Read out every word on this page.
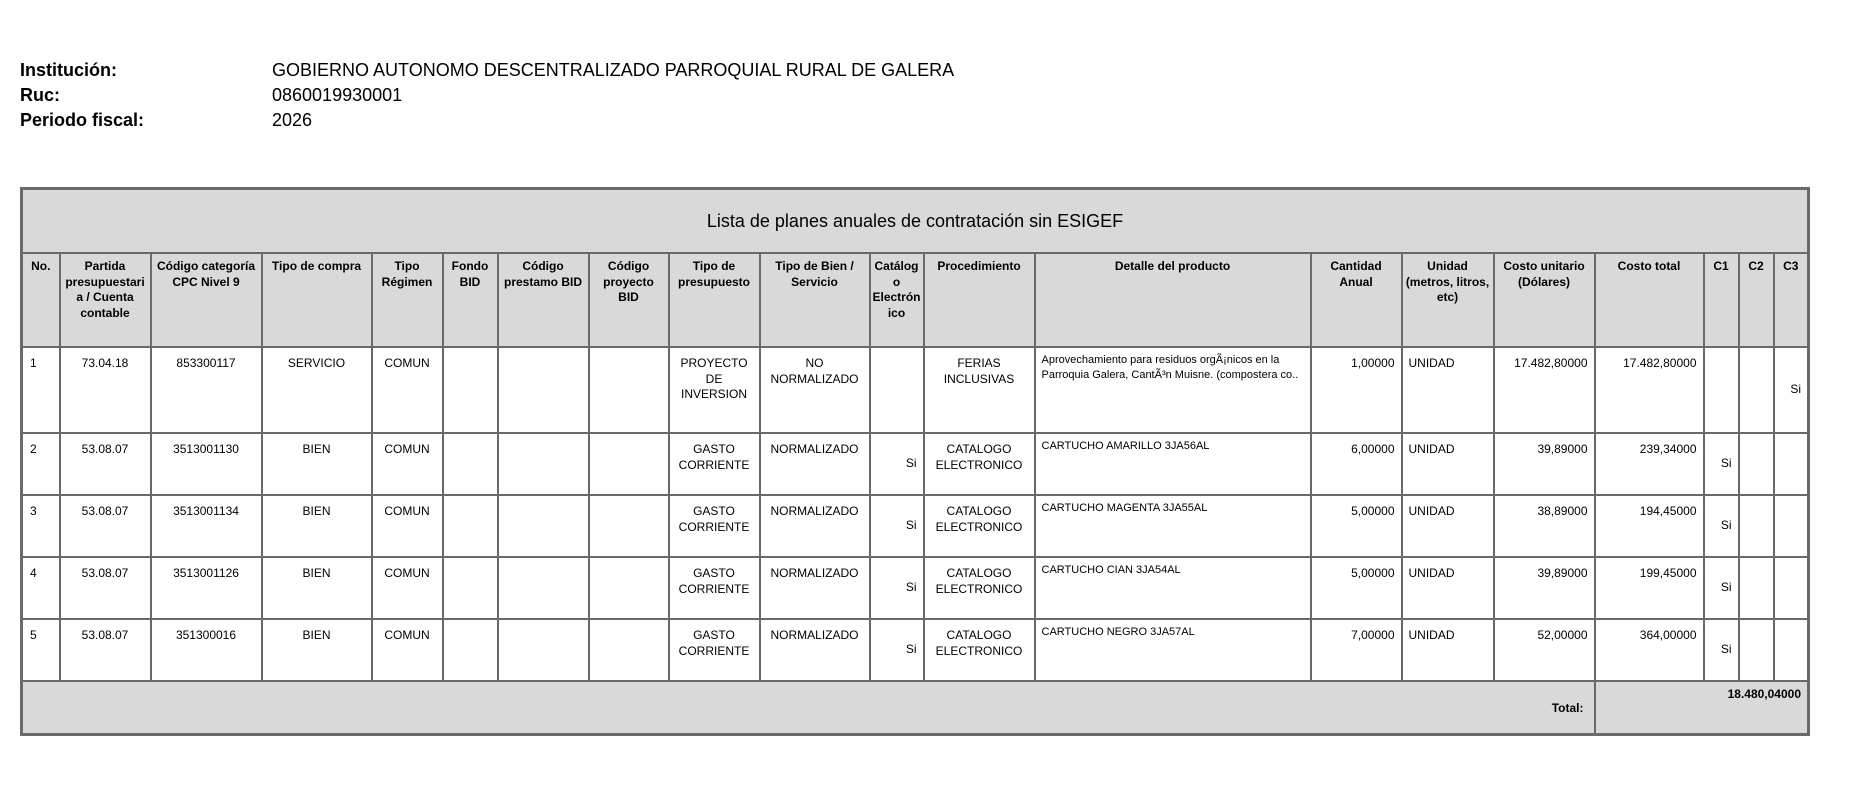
Institución:	GOBIERNO AUTONOMO DESCENTRALIZADO PARROQUIAL RURAL DE GALERA
Ruc:	0860019930001
Periodo fiscal:	2026
Lista de planes anuales de contratación sin ESIGEF																			
No.	Partida presupuestaria / Cuenta contable	Código categoría CPC Nivel 9	Tipo de compra	Tipo Régimen	Fondo BID	Código prestamo BID	Código proyecto BID	Tipo de presupuesto	Tipo de Bien / Servicio	Catálogo Electrónico	Procedimiento	Detalle del producto	Cantidad Anual	Unidad (metros, litros, etc)	Costo unitario (Dólares)	Costo total	C1	C2	C3
1	73.04.18	853300117	SERVICIO	COMUN				PROYECTO DE INVERSION	NO NORMALIZADO		FERIAS INCLUSIVAS	Aprovechamiento para residuos orgÃ¡nicos en la Parroquia Galera, CantÃ³n Muisne. (compostera co..	1,00000	UNIDAD	17.482,80000	17.482,80000			Si
2	53.08.07	3513001130	BIEN	COMUN				GASTO CORRIENTE	NORMALIZADO	Si	CATALOGO ELECTRONICO	CARTUCHO AMARILLO 3JA56AL	6,00000	UNIDAD	39,89000	239,34000	Si		
3	53.08.07	3513001134	BIEN	COMUN				GASTO CORRIENTE	NORMALIZADO	Si	CATALOGO ELECTRONICO	CARTUCHO MAGENTA 3JA55AL	5,00000	UNIDAD	38,89000	194,45000	Si		
4	53.08.07	3513001126	BIEN	COMUN				GASTO CORRIENTE	NORMALIZADO	Si	CATALOGO ELECTRONICO	CARTUCHO CIAN 3JA54AL	5,00000	UNIDAD	39,89000	199,45000	Si		
5	53.08.07	351300016	BIEN	COMUN				GASTO CORRIENTE	NORMALIZADO	Si	CATALOGO ELECTRONICO	CARTUCHO NEGRO 3JA57AL	7,00000	UNIDAD	52,00000	364,00000	Si		
Total:																18.480,04000			
